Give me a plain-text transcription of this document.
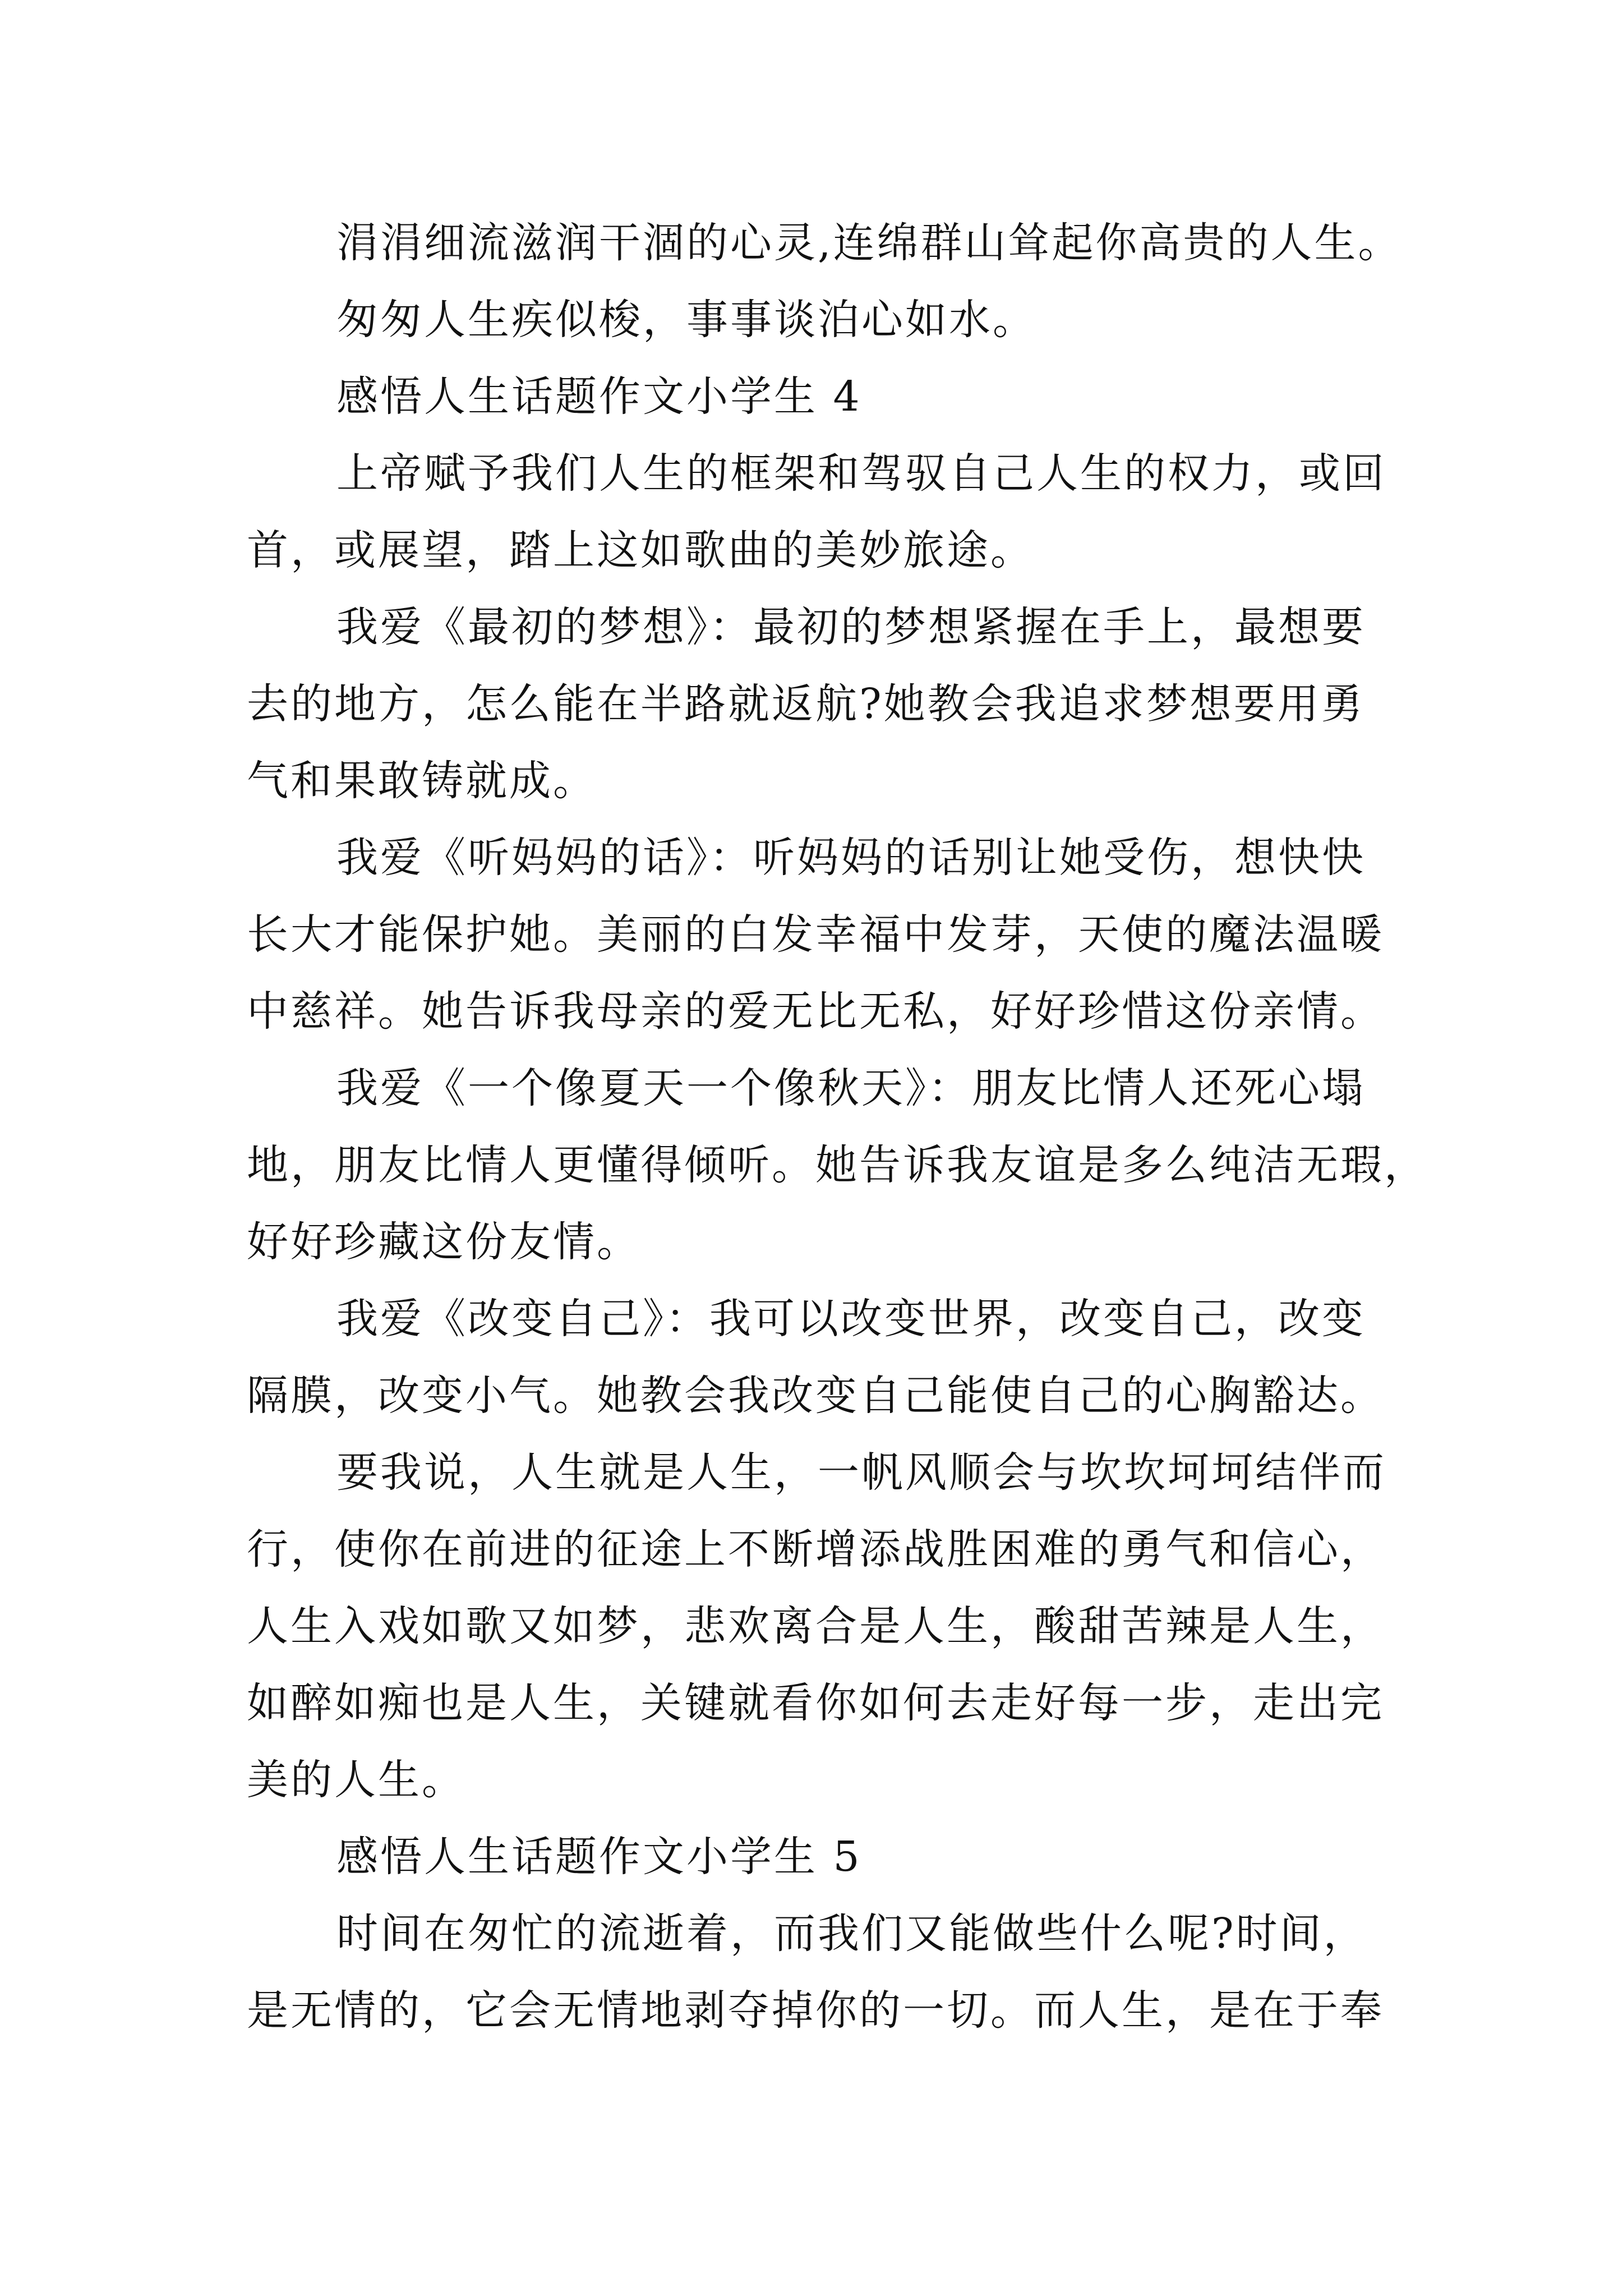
涓涓细流滋润干涸的心灵,连绵群山耸起你高贵的人生。

匆匆人生疾似梭，事事谈泊心如水。

感悟人生话题作文小学生 4

上帝赋予我们人生的框架和驾驭自己人生的权力，或回
首，或展望，踏上这如歌曲的美妙旅途。

我爱《最初的梦想》：最初的梦想紧握在手上，最想要
去的地方，怎么能在半路就返航?她教会我追求梦想要用勇
气和果敢铸就成。

我爱《听妈妈的话》：听妈妈的话别让她受伤，想快快
长大才能保护她。美丽的白发幸福中发芽，天使的魔法温暖
中慈祥。她告诉我母亲的爱无比无私，好好珍惜这份亲情。

我爱《一个像夏天一个像秋天》：朋友比情人还死心塌
地，朋友比情人更懂得倾听。她告诉我友谊是多么纯洁无瑕，
好好珍藏这份友情。

我爱《改变自己》：我可以改变世界，改变自己，改变
隔膜，改变小气。她教会我改变自己能使自己的心胸豁达。

要我说，人生就是人生，一帆风顺会与坎坎坷坷结伴而
行，使你在前进的征途上不断增添战胜困难的勇气和信心，
人生入戏如歌又如梦，悲欢离合是人生，酸甜苦辣是人生，
如醉如痴也是人生，关键就看你如何去走好每一步，走出完
美的人生。

感悟人生话题作文小学生 5

时间在匆忙的流逝着，而我们又能做些什么呢?时间，
是无情的，它会无情地剥夺掉你的一切。而人生，是在于奉
